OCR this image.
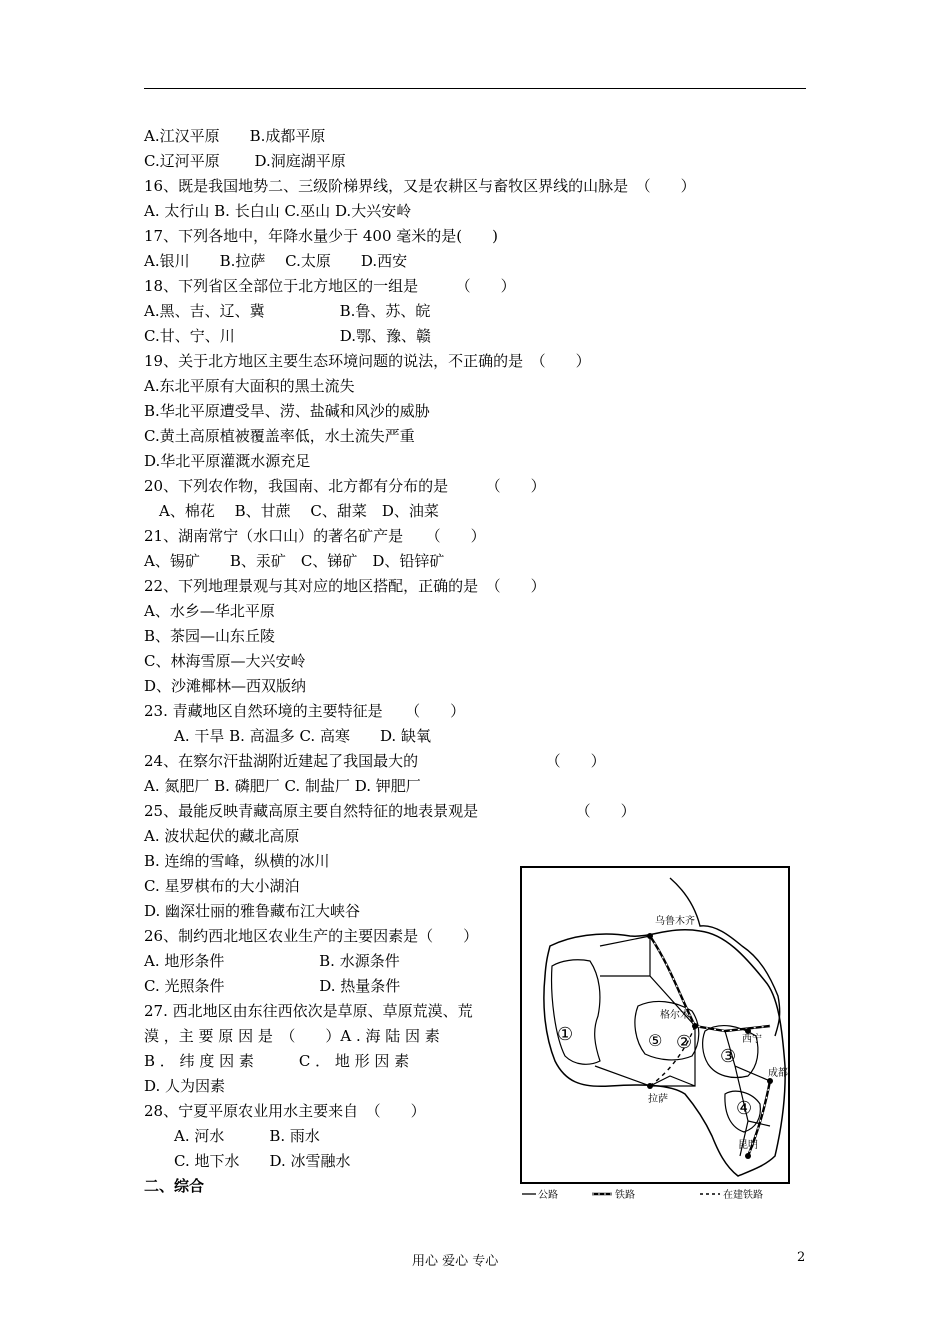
A.江汉平原　　B.成都平原
C.辽河平原　　 D.洞庭湖平原
16、既是我国地势二、三级阶梯界线，又是农耕区与畜牧区界线的山脉是　（　　）
A. 太行山 B. 长白山 C.巫山 D.大兴安岭
17、下列各地中，年降水量少于 400 毫米的是(　　)
A.银川　　B.拉萨　 C.太原　　D.西安
18、下列省区全部位于北方地区的一组是　　　（　　）
A.黑、吉、辽、冀　　　　　B.鲁、苏、皖
C.甘、宁、川　　　　　　　D.鄂、豫、赣
19、关于北方地区主要生态环境问题的说法，不正确的是　（　　）
A.东北平原有大面积的黑土流失
B.华北平原遭受旱、涝、盐碱和风沙的威胁
C.黄土高原植被覆盖率低，水土流失严重
D.华北平原灌溉水源充足
20、下列农作物，我国南、北方都有分布的是　　　（　　）
　A、棉花　 B、甘蔗　 C、甜菜　D、油菜
21、湖南常宁（水口山）的著名矿产是　　（　　）
A、锡矿　　B、汞矿　C、锑矿　D、铅锌矿
22、下列地理景观与其对应的地区搭配，正确的是　（　　）
A、水乡—华北平原
B、茶园—山东丘陵
C、林海雪原—大兴安岭
D、沙滩椰林—西双版纳
23. 青藏地区自然环境的主要特征是　　（　　）
　　A. 干旱 B. 高温多 C. 高寒　　D. 缺氧
24、在察尔汗盐湖附近建起了我国最大的　　　　　　　　　（　　）
A. 氮肥厂 B. 磷肥厂 C. 制盐厂 D. 钾肥厂
25、最能反映青藏高原主要自然特征的地表景观是　　　　　　　（　　）
A. 波状起伏的藏北高原
B. 连绵的雪峰，纵横的冰川
C. 星罗棋布的大小湖泊
D. 幽深壮丽的雅鲁藏布江大峡谷
26、制约西北地区农业生产的主要因素是（　　）
A. 地形条件　　　　　　 B. 水源条件
C. 光照条件　　　　　　 D. 热量条件
27. 西北地区由东往西依次是草原、草原荒漠、荒
漠 ，主 要 原 因 是　（　　）A . 海 陆 因 素
B ． 纬 度 因 素　　　C ． 地 形 因 素
D. 人为因素
28、宁夏平原农业用水主要来自　（　　）
　　A. 河水　　　B. 雨水
　　C. 地下水　　D. 冰雪融水
二、综合
乌鲁木齐
格尔木
西宁
成都
拉萨
昆明
①	②
③
④
⑤
公路	铁路	在建铁路
用心 爱心 专心	2
